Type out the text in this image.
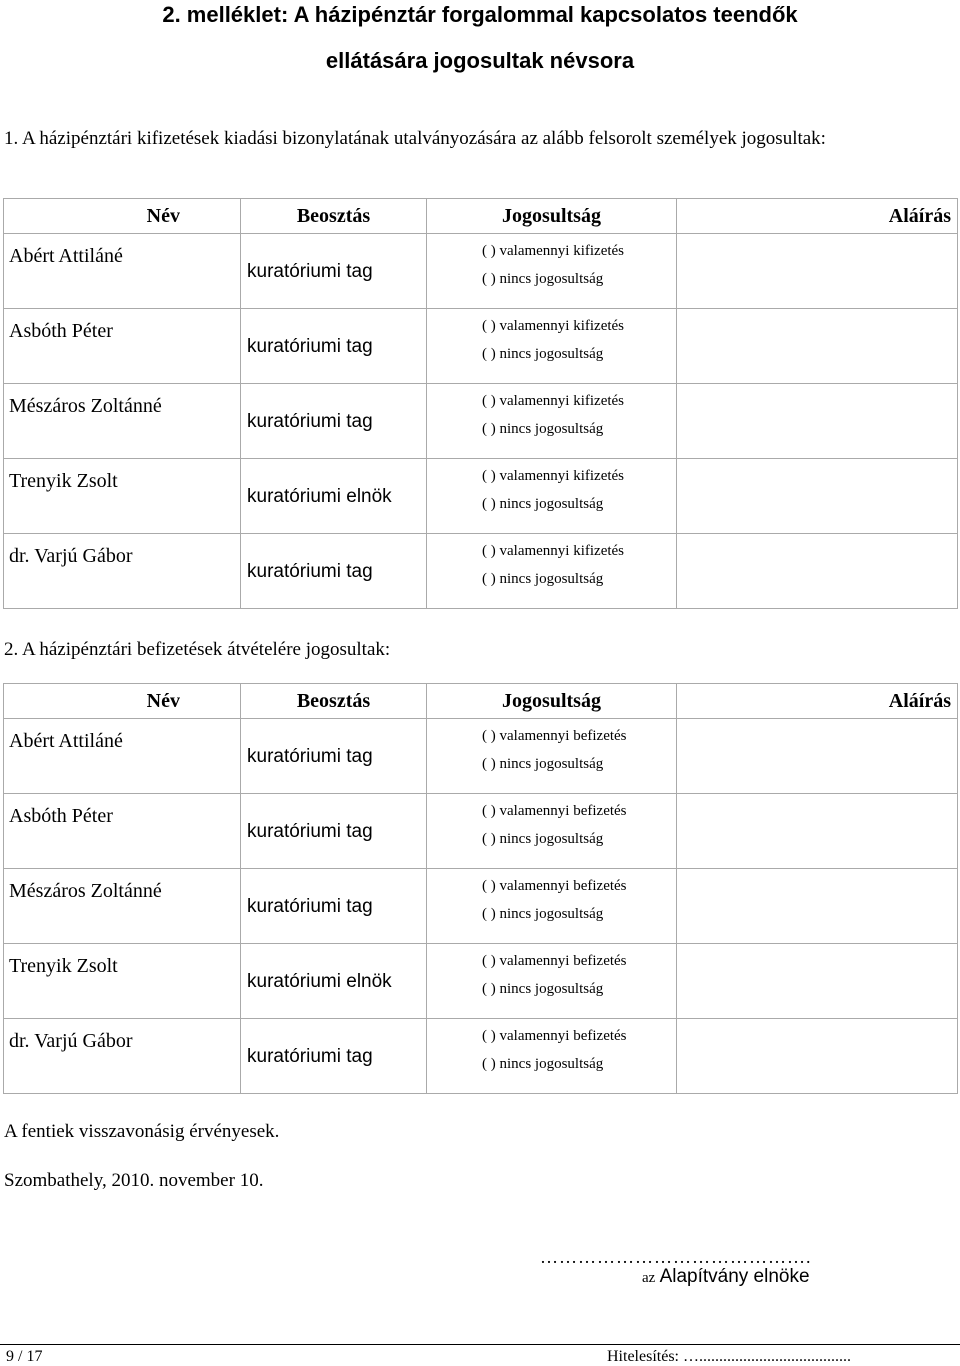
2. melléklet: A házipénztár forgalommal kapcsolatos teendők
ellátására jogosultak névsora
1. A házipénztári kifizetések kiadási bizonylatának utalványozására az alább felsorolt személyek jogosultak:
Név	Beosztás	Jogosultság	Aláírás

Abért Attiláné	kuratóriumi tag	( ) valamennyi kifizetés
( ) nincs jogosultság	

Asbóth Péter	kuratóriumi tag	( ) valamennyi kifizetés
( ) nincs jogosultság	

Mészáros Zoltánné	kuratóriumi tag	( ) valamennyi kifizetés
( ) nincs jogosultság	

Trenyik Zsolt	kuratóriumi elnök	( ) valamennyi kifizetés
( ) nincs jogosultság	

dr. Varjú Gábor	kuratóriumi tag	( ) valamennyi kifizetés
( ) nincs jogosultság	

2. A házipénztári befizetések átvételére jogosultak:
Név	Beosztás	Jogosultság	Aláírás

Abért Attiláné	kuratóriumi tag	( ) valamennyi befizetés
( ) nincs jogosultság	

Asbóth Péter	kuratóriumi tag	( ) valamennyi befizetés
( ) nincs jogosultság	

Mészáros Zoltánné	kuratóriumi tag	( ) valamennyi befizetés
( ) nincs jogosultság	

Trenyik Zsolt	kuratóriumi elnök	( ) valamennyi befizetés
( ) nincs jogosultság	

dr. Varjú Gábor	kuratóriumi tag	( ) valamennyi befizetés
( ) nincs jogosultság	

A fentiek visszavonásig érvényesek.
Szombathely, 2010. november 10.
…………………………………….
az Alapítvány elnöke
9 / 17	Hitelesítés: …......................................
